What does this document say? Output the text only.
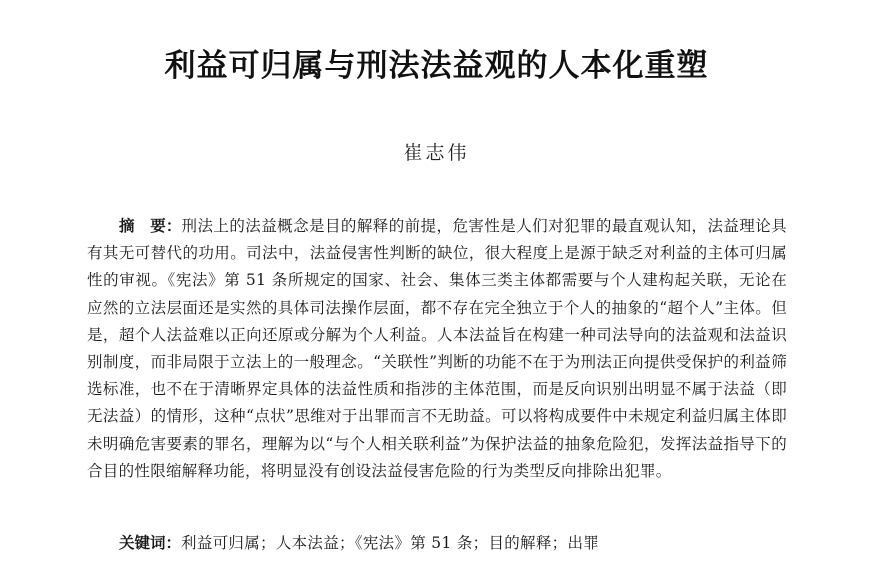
利益可归属与刑法法益观的人本化重塑
崔志伟
摘　要：刑法上的法益概念是目的解释的前提，危害性是人们对犯罪的最直观认知，法益理论具有其无可替代的功用。司法中，法益侵害性判断的缺位，很大程度上是源于缺乏对利益的主体可归属性的审视。《宪法》第 51 条所规定的国家、社会、集体三类主体都需要与个人建构起关联，无论在应然的立法层面还是实然的具体司法操作层面，都不存在完全独立于个人的抽象的“超个人”主体。但是，超个人法益难以正向还原或分解为个人利益。人本法益旨在构建一种司法导向的法益观和法益识别制度，而非局限于立法上的一般理念。“关联性”判断的功能不在于为刑法正向提供受保护的利益筛选标准，也不在于清晰界定具体的法益性质和指涉的主体范围，而是反向识别出明显不属于法益（即无法益）的情形，这种“点状”思维对于出罪而言不无助益。可以将构成要件中未规定利益归属主体即未明确危害要素的罪名，理解为以“与个人相关联利益”为保护法益的抽象危险犯，发挥法益指导下的合目的性限缩解释功能，将明显没有创设法益侵害危险的行为类型反向排除出犯罪。
关键词：利益可归属；人本法益；《宪法》第 51 条；目的解释；出罪
